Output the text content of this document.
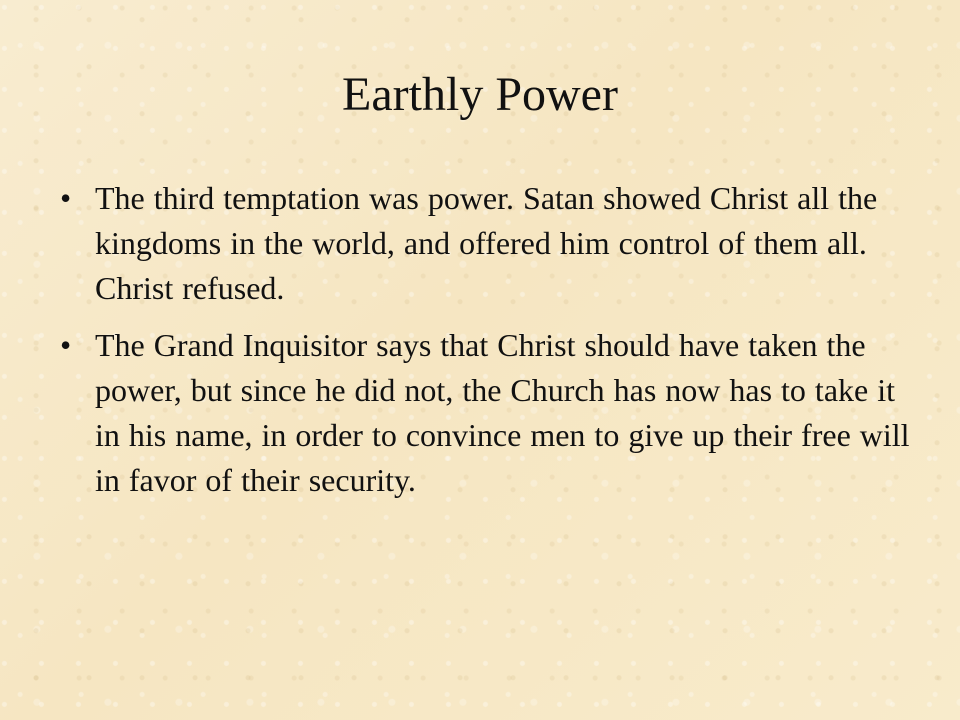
Earthly Power
• The third temptation was power. Satan showed Christ all the kingdoms in the world, and offered him control of them all. Christ refused.
• The Grand Inquisitor says that Christ should have taken the power, but since he did not, the Church has now has to take it in his name, in order to convince men to give up their free will in favor of their security.
